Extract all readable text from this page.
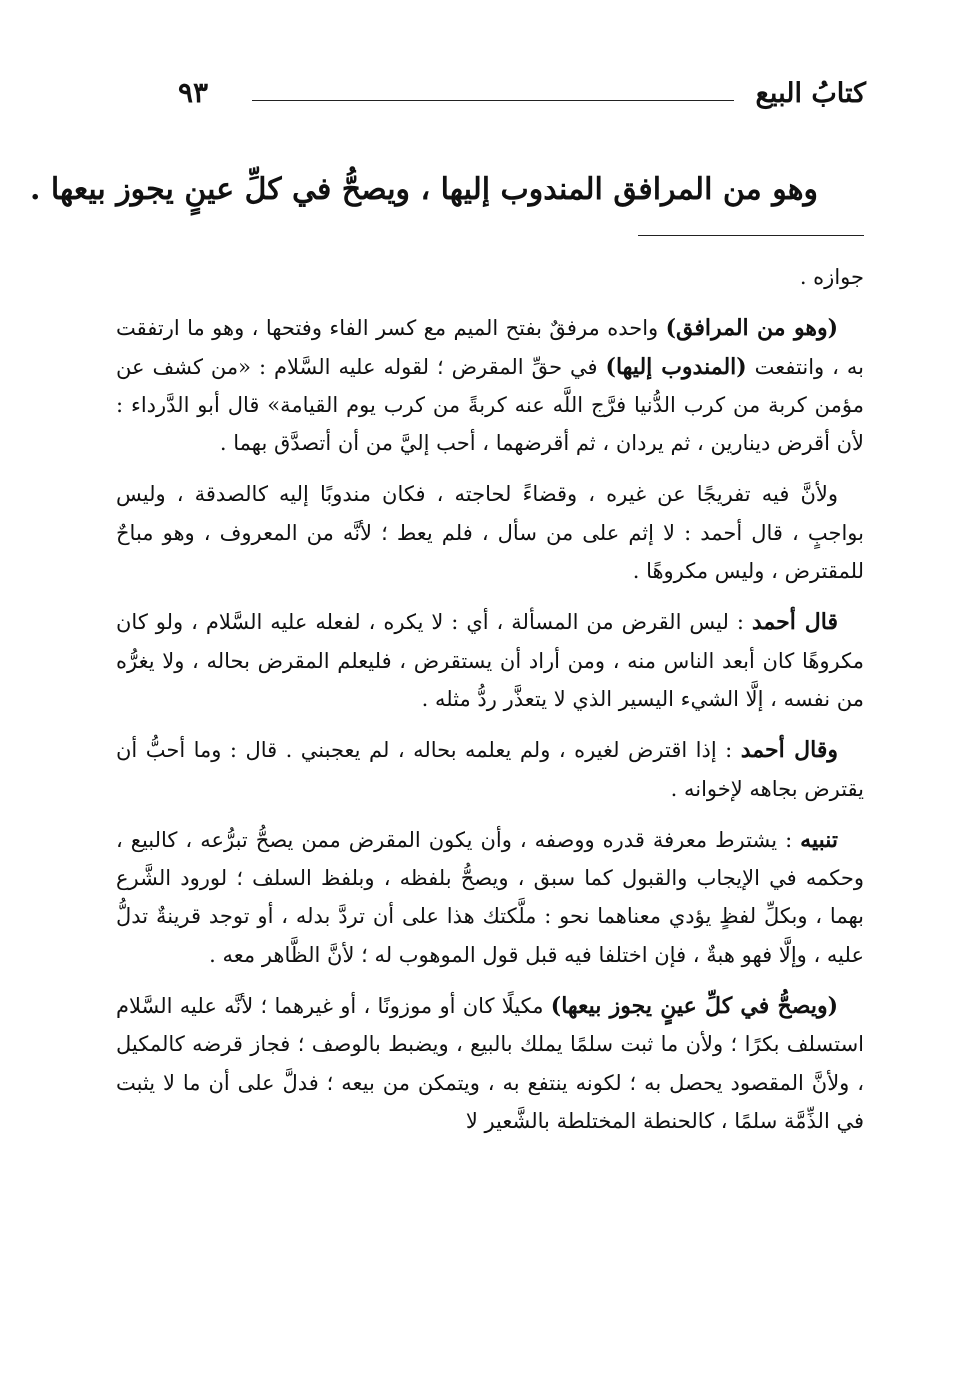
كتابُ البيع
٩٣
وهو من المرافق المندوب إليها ، ويصحُّ في كلِّ عينٍ يجوز بيعها .

جوازه .

(وهو من المرافق) واحده مرفقٌ بفتح الميم مع كسر الفاء وفتحها ، وهو ما ارتفقت به ، وانتفعت (المندوب إليها) في حقِّ المقرض ؛ لقوله عليه السَّلام : «من كشف عن مؤمن كربة من كرب الدُّنيا فرَّج اللَّه عنه كربةً من كرب يوم القيامة» قال أبو الدَّرداء : لأن أقرض دينارين ، ثم يردان ، ثم أقرضهما ، أحب إليَّ من أن أتصدَّق بهما .

ولأنَّ فيه تفريجًا عن غيره ، وقضاءً لحاجته ، فكان مندوبًا إليه كالصدقة ، وليس بواجبٍ ، قال أحمد : لا إثم على من سأل ، فلم يعط ؛ لأنَّه من المعروف ، وهو مباحٌ للمقترض ، وليس مكروهًا .

قال أحمد : ليس القرض من المسألة ، أي : لا يكره ، لفعله عليه السَّلام ، ولو كان مكروهًا كان أبعد الناس منه ، ومن أراد أن يستقرض ، فليعلم المقرض بحاله ، ولا يغرُّه من نفسه ، إلَّا الشيء اليسير الذي لا يتعذَّر ردُّ مثله .

وقال أحمد : إذا اقترض لغيره ، ولم يعلمه بحاله ، لم يعجبني . قال : وما أحبُّ أن يقترض بجاهه لإخوانه .

تنبيه : يشترط معرفة قدره ووصفه ، وأن يكون المقرض ممن يصحُّ تبرُّعه ، كالبيع ، وحكمه في الإيجاب والقبول كما سبق ، ويصحُّ بلفظه ، وبلفظ السلف ؛ لورود الشَّرع بهما ، وبكلِّ لفظٍ يؤدي معناهما نحو : ملَّكتك هذا على أن تردَّ بدله ، أو توجد قرينةٌ تدلُّ عليه ، وإلَّا فهو هبةٌ ، فإن اختلفا فيه قبل قول الموهوب له ؛ لأنَّ الظَّاهر معه .

(ويصحُّ في كلِّ عينٍ يجوز بيعها) مكيلًا كان أو موزونًا ، أو غيرهما ؛ لأنَّه عليه السَّلام استسلف بكرًا ؛ ولأن ما ثبت سلمًا يملك بالبيع ، ويضبط بالوصف ؛ فجاز قرضه كالمكيل ، ولأنَّ المقصود يحصل به ؛ لكونه ينتفع به ، ويتمكن من بيعه ؛ فدلَّ على أن ما لا يثبت في الذِّمَّة سلمًا ، كالحنطة المختلطة بالشَّعير لا
